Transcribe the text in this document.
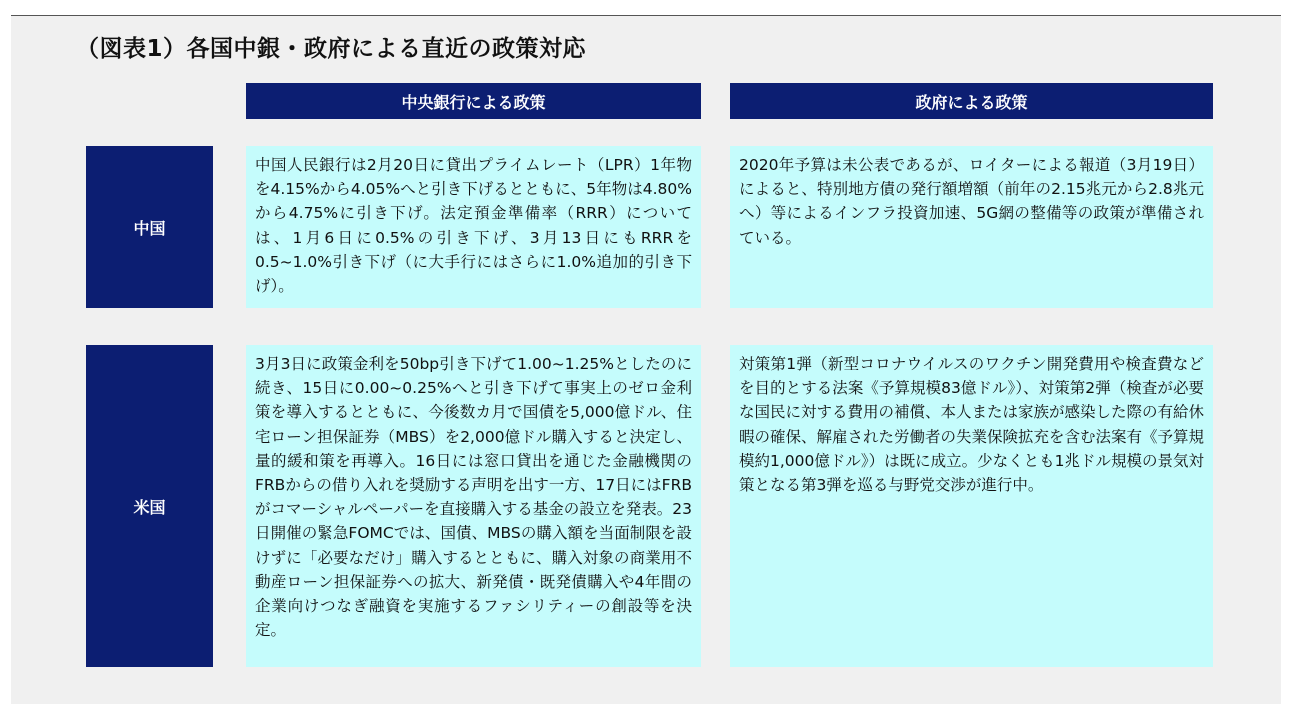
（図表1）各国中銀・政府による直近の政策対応
中央銀行による政策	政府による政策
中国
中国人民銀行は2月20日に貸出プライムレート（LPR）1年物を4.15%から4.05%へと引き下げるとともに、5年物は4.80%から4.75%に引き下げ。法定預金準備率（RRR）については、1月6日に0.5%の引き下げ、3月13日にもRRRを0.5~1.0%引き下げ（に大手行にはさらに1.0%追加的引き下げ）。
2020年予算は未公表であるが、ロイターによる報道（3月19日）によると、特別地方債の発行額増額（前年の2.15兆元から2.8兆元へ）等によるインフラ投資加速、5G網の整備等の政策が準備されている。
米国
3月3日に政策金利を50bp引き下げて1.00~1.25%としたのに続き、15日に0.00~0.25%へと引き下げて事実上のゼロ金利策を導入するとともに、今後数カ月で国債を5,000億ドル、住宅ローン担保証券（MBS）を2,000億ドル購入すると決定し、量的緩和策を再導入。16日には窓口貸出を通じた金融機関のFRBからの借り入れを奨励する声明を出す一方、17日にはFRBがコマーシャルペーパーを直接購入する基金の設立を発表。23日開催の緊急FOMCでは、国債、MBSの購入額を当面制限を設けずに「必要なだけ」購入するとともに、購入対象の商業用不動産ローン担保証券への拡大、新発債・既発債購入や4年間の企業向けつなぎ融資を実施するファシリティーの創設等を決定。
対策第1弾（新型コロナウイルスのワクチン開発費用や検査費などを目的とする法案《予算規模83億ドル》）、対策第2弾（検査が必要な国民に対する費用の補償、本人または家族が感染した際の有給休暇の確保、解雇された労働者の失業保険拡充を含む法案有《予算規模約1,000億ドル》）は既に成立。少なくとも1兆ドル規模の景気対策となる第3弾を巡る与野党交渉が進行中。
